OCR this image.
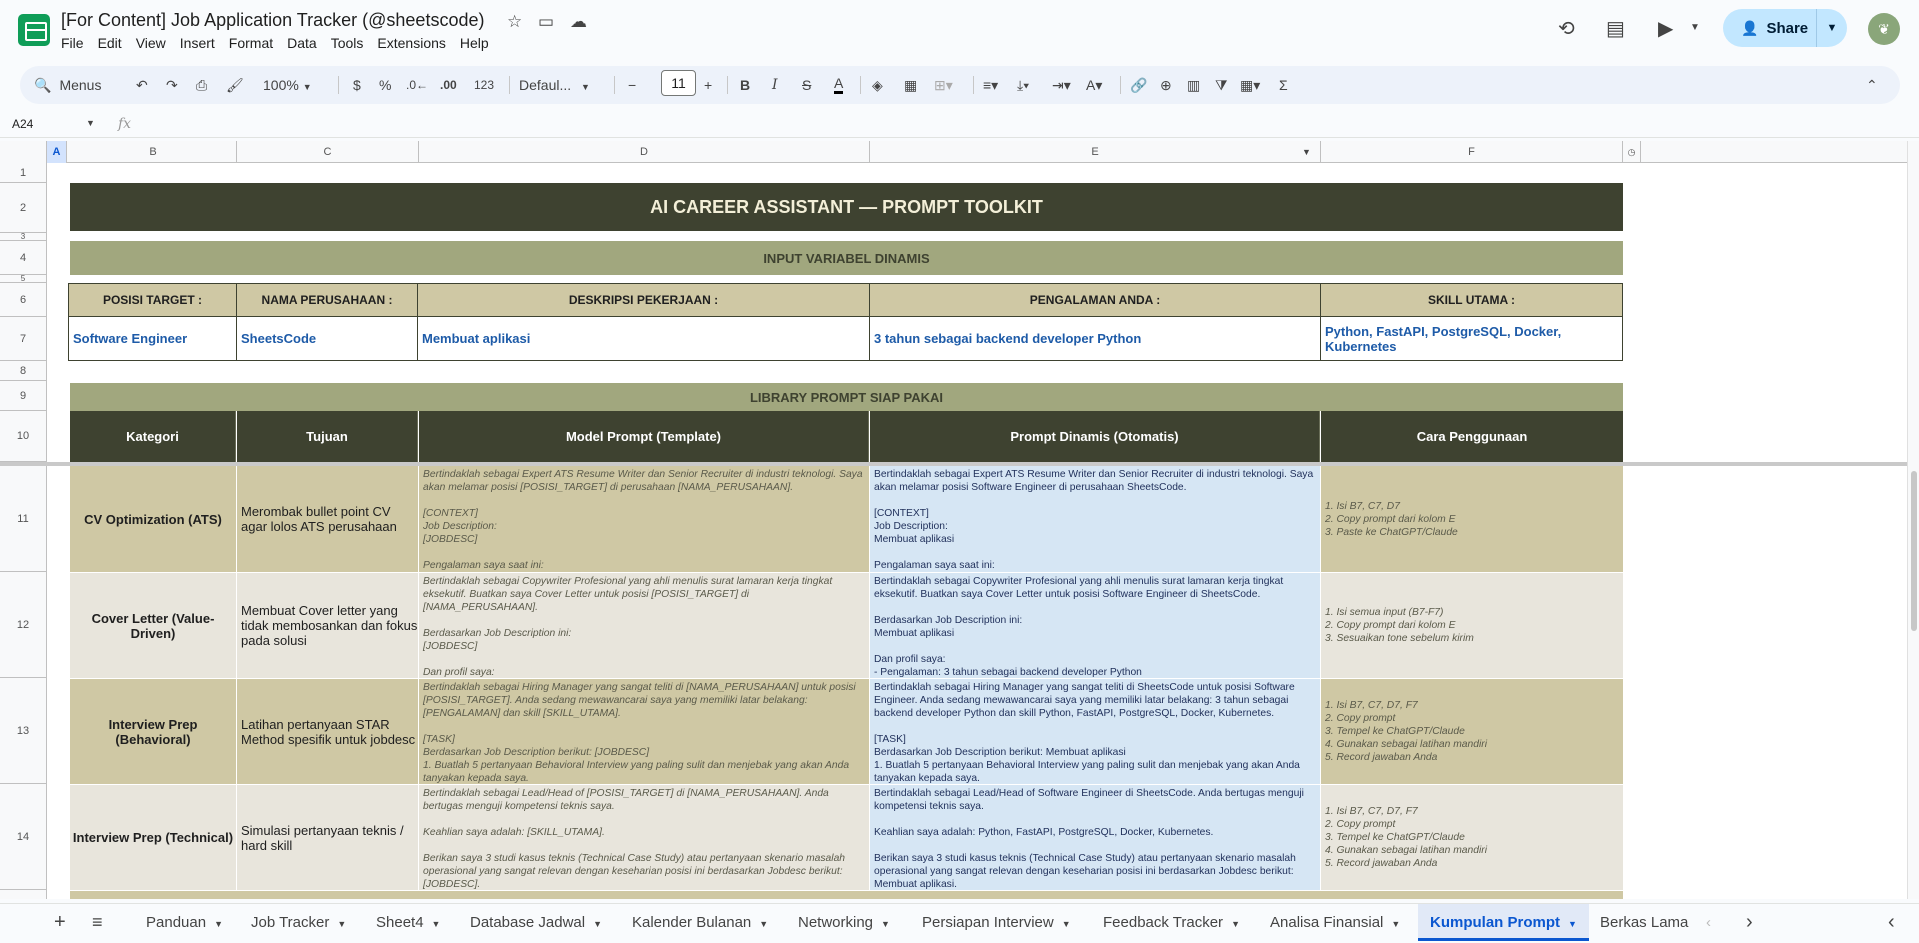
[For Content] Job Application Tracker (@sheetscode) ☆ ▭ ☁
File	Edit	View	Insert	Format	Data	Tools	Extensions	Help
⟲ ▤ ▶ ▼	👤 Share	▼	❦
🔍 Menus ↶ ↷ ⎙ 🖌 100% ▼	$ % .0← .00 123 Defaul... ▼	−	11	+ B I S A ◈ ▦ ⊞▾ ≡▾ ⤓▾ ⇥▾ A▾ 🔗 ⊕ ▥ ⧩ ▦▾ Σ	⌃
A24	▼ fx
A	B	C	D	E	▼	F	◷
1
2
3
4
5
6
7
8
9
10
11
12
13
14
AI CAREER ASSISTANT — PROMPT TOOLKIT
INPUT VARIABEL DINAMIS
POSISI TARGET :	NAMA PERUSAHAAN :	DESKRIPSI PEKERJAAN :	PENGALAMAN ANDA :	SKILL UTAMA :
Software Engineer	SheetsCode	Membuat aplikasi	3 tahun sebagai backend developer Python	Python, FastAPI, PostgreSQL, Docker, Kubernetes
LIBRARY PROMPT SIAP PAKAI
Kategori	Tujuan	Model Prompt (Template)	Prompt Dinamis (Otomatis)	Cara Penggunaan
CV Optimization (ATS)	Merombak bullet point CV agar lolos ATS perusahaan
Bertindaklah sebagai Expert ATS Resume Writer dan Senior Recruiter di industri teknologi. Saya akan melamar posisi [POSISI_TARGET] di perusahaan [NAMA_PERUSAHAAN].

[CONTEXT]
Job Description:
[JOBDESC]

Pengalaman saya saat ini:
Bertindaklah sebagai Expert ATS Resume Writer dan Senior Recruiter di industri teknologi. Saya akan melamar posisi Software Engineer di perusahaan SheetsCode.

[CONTEXT]
Job Description:
Membuat aplikasi

Pengalaman saya saat ini:
1. Isi B7, C7, D7
2. Copy prompt dari kolom E
3. Paste ke ChatGPT/Claude
Cover Letter (Value-Driven)
Membuat Cover letter yang tidak membosankan dan fokus pada solusi
Bertindaklah sebagai Copywriter Profesional yang ahli menulis surat lamaran kerja tingkat eksekutif. Buatkan saya Cover Letter untuk posisi [POSISI_TARGET] di [NAMA_PERUSAHAAN].

Berdasarkan Job Description ini:
[JOBDESC]

Dan profil saya:
Bertindaklah sebagai Copywriter Profesional yang ahli menulis surat lamaran kerja tingkat eksekutif. Buatkan saya Cover Letter untuk posisi Software Engineer di SheetsCode.

Berdasarkan Job Description ini:
Membuat aplikasi

Dan profil saya:
- Pengalaman: 3 tahun sebagai backend developer Python
1. Isi semua input (B7-F7)
2. Copy prompt dari kolom E
3. Sesuaikan tone sebelum kirim
Interview Prep (Behavioral)
Latihan pertanyaan STAR Method spesifik untuk jobdesc
Bertindaklah sebagai Hiring Manager yang sangat teliti di [NAMA_PERUSAHAAN] untuk posisi [POSISI_TARGET]. Anda sedang mewawancarai saya yang memiliki latar belakang: [PENGALAMAN] dan skill [SKILL_UTAMA].

[TASK]
Berdasarkan Job Description berikut: [JOBDESC]
1. Buatlah 5 pertanyaan Behavioral Interview yang paling sulit dan menjebak yang akan Anda tanyakan kepada saya.
Bertindaklah sebagai Hiring Manager yang sangat teliti di SheetsCode untuk posisi Software Engineer. Anda sedang mewawancarai saya yang memiliki latar belakang: 3 tahun sebagai backend developer Python dan skill Python, FastAPI, PostgreSQL, Docker, Kubernetes.

[TASK]
Berdasarkan Job Description berikut: Membuat aplikasi
1. Buatlah 5 pertanyaan Behavioral Interview yang paling sulit dan menjebak yang akan Anda tanyakan kepada saya.
1. Isi B7, C7, D7, F7
2. Copy prompt
3. Tempel ke ChatGPT/Claude
4. Gunakan sebagai latihan mandiri
5. Record jawaban Anda
Interview Prep (Technical) Simulasi pertanyaan teknis / hard skill
Bertindaklah sebagai Lead/Head of [POSISI_TARGET] di [NAMA_PERUSAHAAN]. Anda bertugas menguji kompetensi teknis saya.

Keahlian saya adalah: [SKILL_UTAMA].

Berikan saya 3 studi kasus teknis (Technical Case Study) atau pertanyaan skenario masalah operasional yang sangat relevan dengan keseharian posisi ini berdasarkan Jobdesc berikut: [JOBDESC].
Bertindaklah sebagai Lead/Head of Software Engineer di SheetsCode. Anda bertugas menguji kompetensi teknis saya.

Keahlian saya adalah: Python, FastAPI, PostgreSQL, Docker, Kubernetes.

Berikan saya 3 studi kasus teknis (Technical Case Study) atau pertanyaan skenario masalah operasional yang sangat relevan dengan keseharian posisi ini berdasarkan Jobdesc berikut: Membuat aplikasi.
1. Isi B7, C7, D7, F7
2. Copy prompt
3. Tempel ke ChatGPT/Claude
4. Gunakan sebagai latihan mandiri
5. Record jawaban Anda
+ ≡	Panduan ▼ Job Tracker ▼ Sheet4 ▼ Database Jadwal ▼ Kalender Bulanan ▼ Networking ▼ Persiapan Interview ▼ Feedback Tracker ▼ Analisa Finansial ▼	Kumpulan Prompt ▼	Berkas Lama ‹ ›	‹
